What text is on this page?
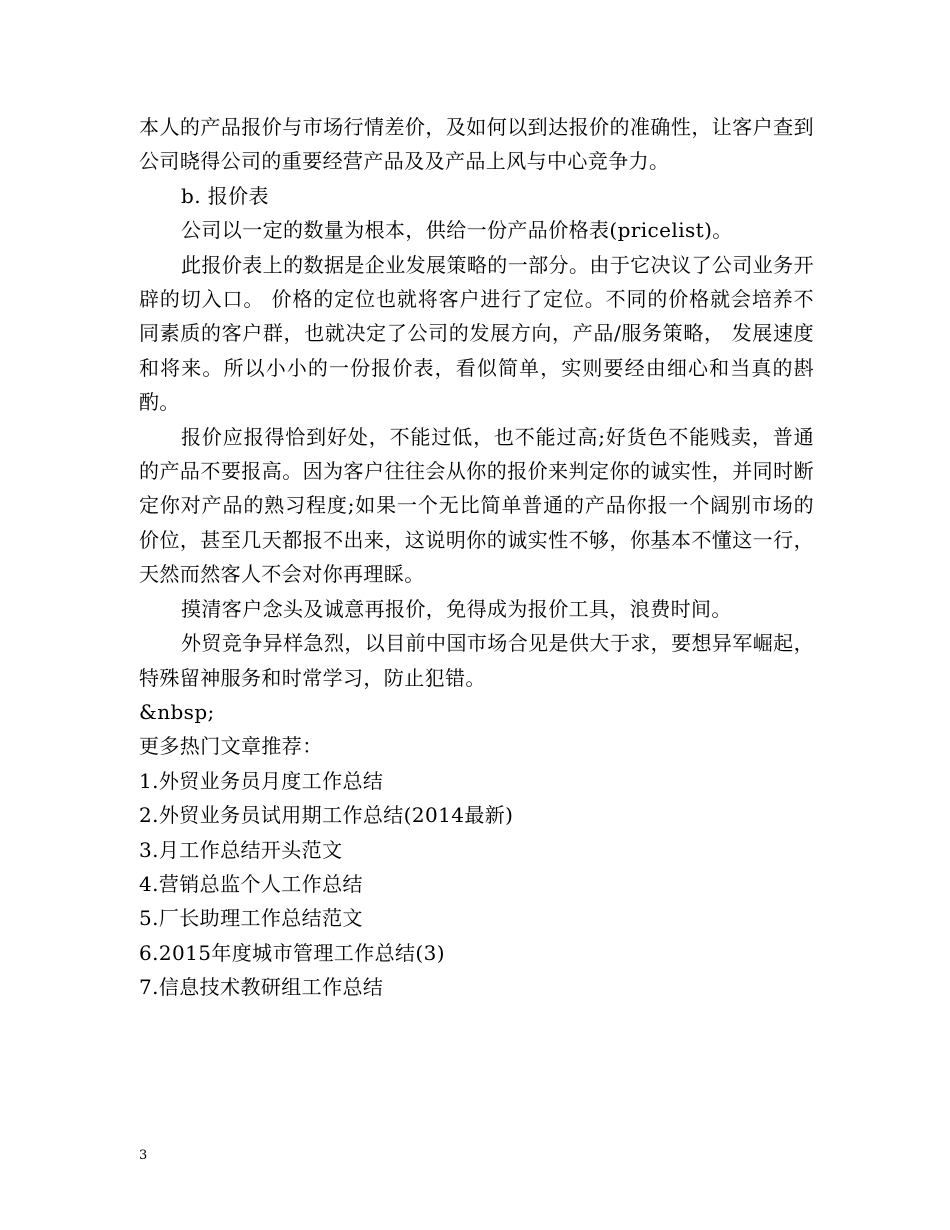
本人的产品报价与市场行情差价，及如何以到达报价的准确性，让客户查到公司晓得公司的重要经营产品及及产品上风与中心竞争力。

b. 报价表

公司以一定的数量为根本，供给一份产品价格表(pricelist)。

此报价表上的数据是企业发展策略的一部分。由于它决议了公司业务开辟的切入口。 价格的定位也就将客户进行了定位。不同的价格就会培养不同素质的客户群，也就决定了公司的发展方向，产品/服务策略， 发展速度和将来。所以小小的一份报价表，看似简单，实则要经由细心和当真的斟酌。

报价应报得恰到好处，不能过低，也不能过高;好货色不能贱卖，普通的产品不要报高。因为客户往往会从你的报价来判定你的诚实性，并同时断定你对产品的熟习程度;如果一个无比简单普通的产品你报一个阔别市场的价位，甚至几天都报不出来，这说明你的诚实性不够，你基本不懂这一行，天然而然客人不会对你再理睬。

摸清客户念头及诚意再报价，免得成为报价工具，浪费时间。

外贸竞争异样急烈，以目前中国市场合见是供大于求，要想异军崛起，特殊留神服务和时常学习，防止犯错。

&nbsp;

更多热门文章推荐：

1.外贸业务员月度工作总结
2.外贸业务员试用期工作总结(2014最新)
3.月工作总结开头范文
4.营销总监个人工作总结
5.厂长助理工作总结范文
6.2015年度城市管理工作总结(3)
7.信息技术教研组工作总结
3
